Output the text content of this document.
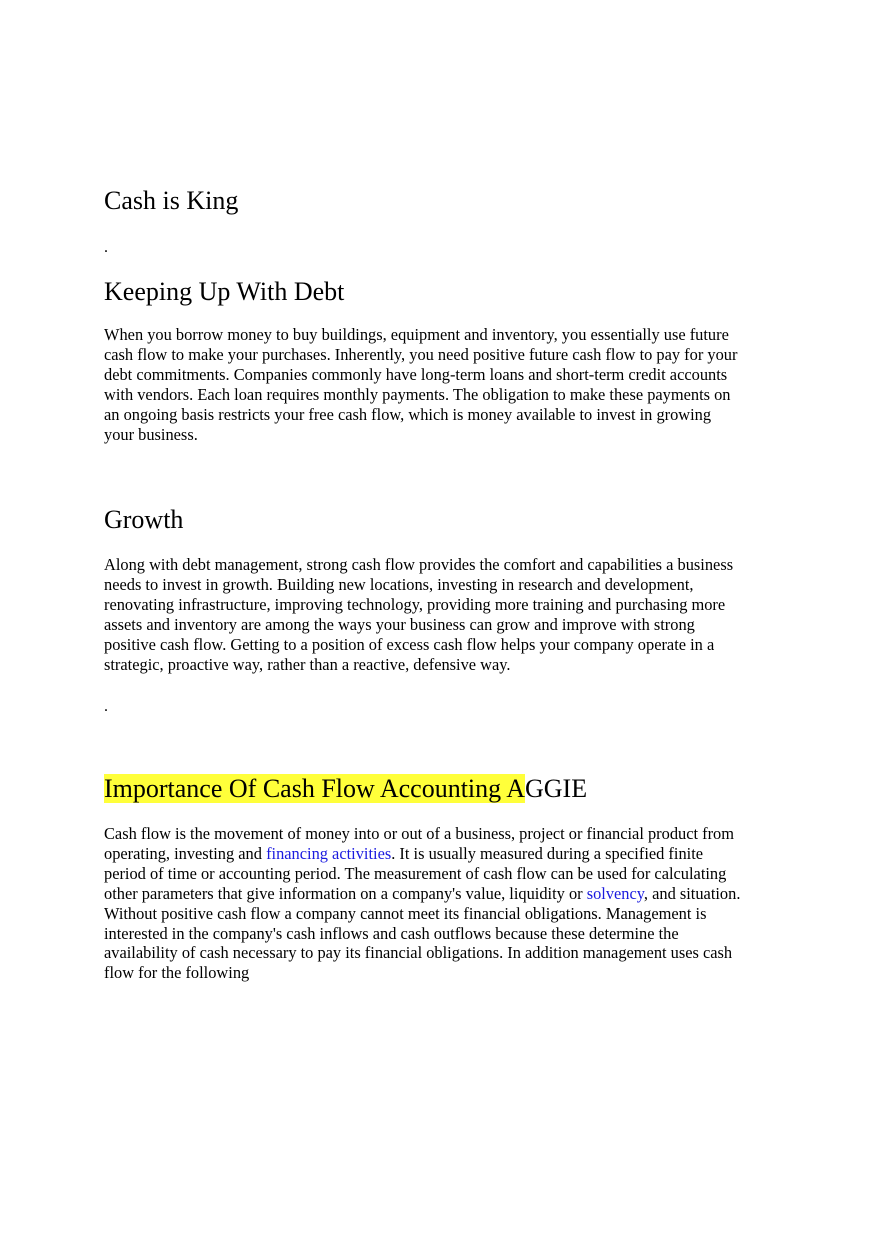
Cash is King
.
Keeping Up With Debt
When you borrow money to buy buildings, equipment and inventory, you essentially use future
cash flow to make your purchases. Inherently, you need positive future cash flow to pay for your
debt commitments. Companies commonly have long-term loans and short-term credit accounts
with vendors. Each loan requires monthly payments. The obligation to make these payments on
an ongoing basis restricts your free cash flow, which is money available to invest in growing
your business.
Growth
Along with debt management, strong cash flow provides the comfort and capabilities a business
needs to invest in growth. Building new locations, investing in research and development,
renovating infrastructure, improving technology, providing more training and purchasing more
assets and inventory are among the ways your business can grow and improve with strong
positive cash flow. Getting to a position of excess cash flow helps your company operate in a
strategic, proactive way, rather than a reactive, defensive way.
.
Importance Of Cash Flow Accounting AGGIE
Cash flow is the movement of money into or out of a business, project or financial product from
operating, investing and financing activities. It is usually measured during a specified finite
period of time or accounting period. The measurement of cash flow can be used for calculating
other parameters that give information on a company's value, liquidity or solvency, and situation.
Without positive cash flow a company cannot meet its financial obligations. Management is
interested in the company's cash inflows and cash outflows because these determine the
availability of cash necessary to pay its financial obligations. In addition management uses cash
flow for the following
